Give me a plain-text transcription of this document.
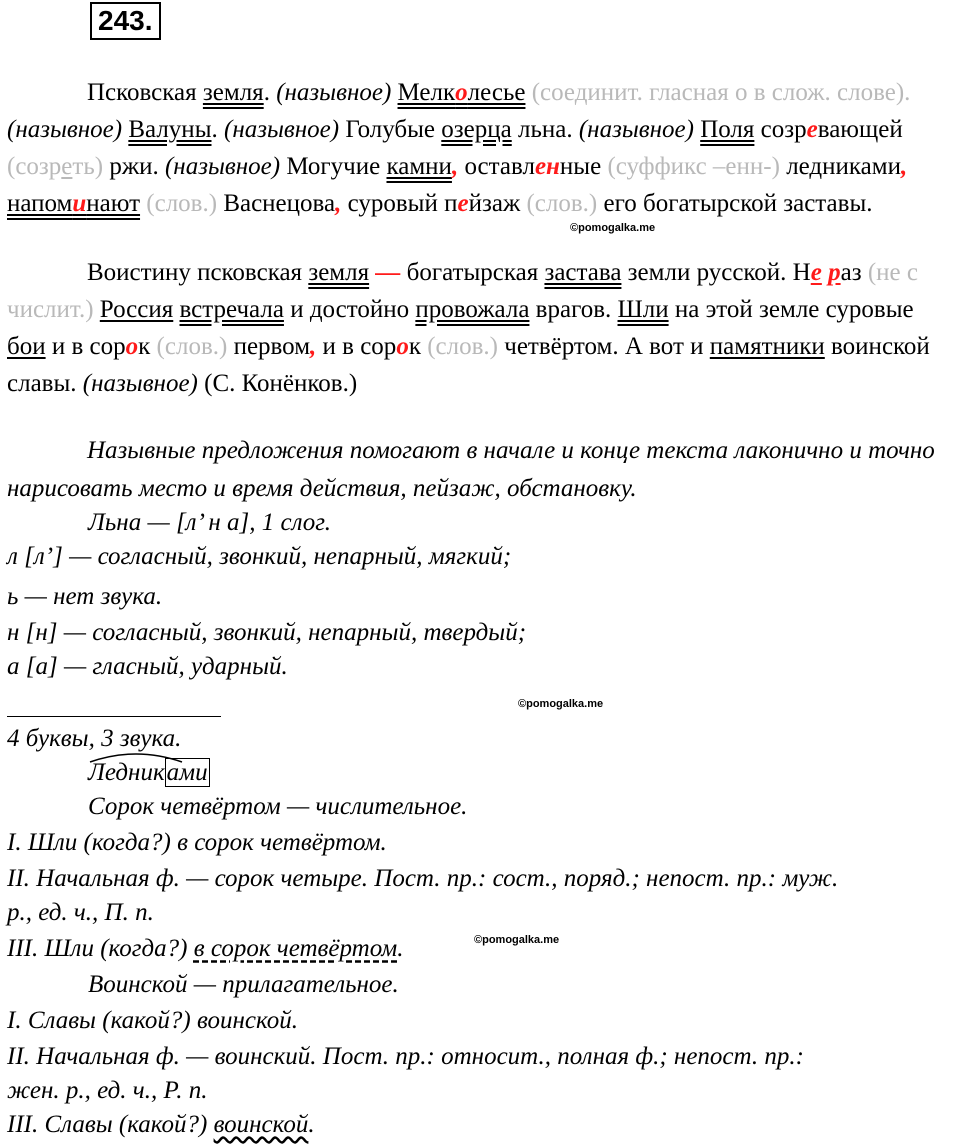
243.
Псковская земля. (назывное) Мелколесье (соединит. гласная о в слож. слове). (назывное) Валуны. (назывное) Голубые озерца льна. (назывное) Поля созревающей (созреть) ржи. (назывное) Могучие камни, оставленные (суффикс –енн-) ледниками, напоминают (слов.) Васнецова, суровый пейзаж (слов.) его богатырской заставы.
©pomogalka.me
Воистину псковская земля — богатырская застава земли русской. Не раз (не с числит.) Россия встречала и достойно провожала врагов. Шли на этой земле суровые бои и в сорок (слов.) первом, и в сорок (слов.) четвёртом. А вот и памятники воинской славы. (назывное) (С. Конёнков.)
Назывные предложения помогают в начале и конце текста лаконично и точно нарисовать место и время действия, пейзаж, обстановку.
Льна — [л’ н а], 1 слог.
л [л’] — согласный, звонкий, непарный, мягкий;
ь — нет звука.
н [н] — согласный, звонкий, непарный, твердый;
а [а] — гласный, ударный.
©pomogalka.me
4 буквы, 3 звука.
Ледниками
Сорок четвёртом — числительное.
I. Шли (когда?) в сорок четвёртом.
II. Начальная ф. — сорок четыре. Пост. пр.: сост., поряд.; непост. пр.: муж.
р., ед. ч., П. п.
III. Шли (когда?) в сорок четвёртом.	©pomogalka.me
Воинской — прилагательное.
I. Славы (какой?) воинской.
II. Начальная ф. — воинский. Пост. пр.: относит., полная ф.; непост. пр.:
жен. р., ед. ч., Р. п.
III. Славы (какой?) воинской.
